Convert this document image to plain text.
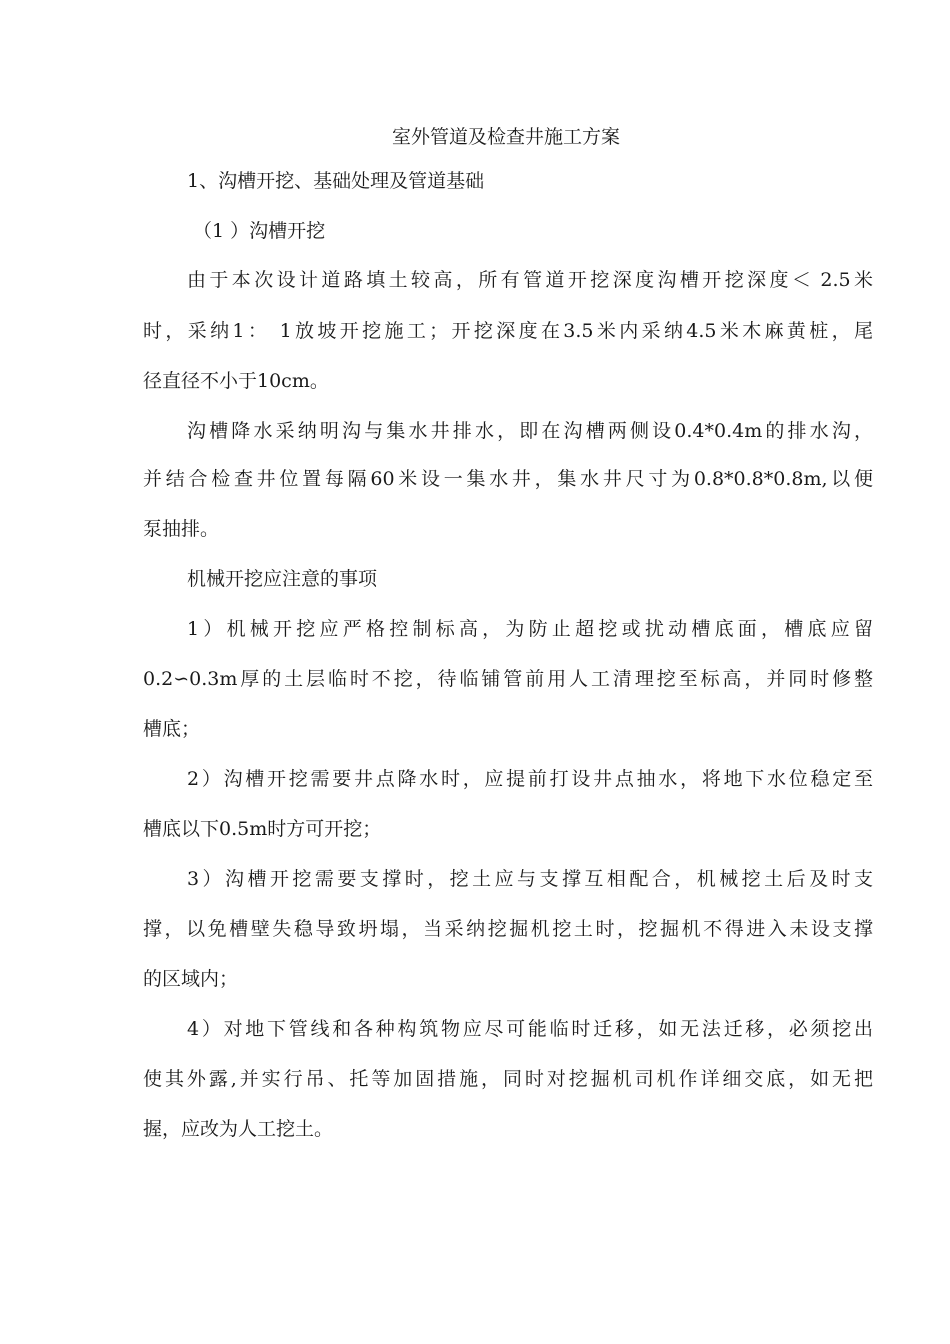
室外管道及检查井施工方案

1、沟槽开挖、基础处理及管道基础

（1 ）沟槽开挖

由于本次设计道路填土较高，所有管道开挖深度沟槽开挖深度＜ 2.5米

时，采纳1： 1放坡开挖施工；开挖深度在3.5米内采纳4.5米木麻黄桩，尾

径直径不小于10cm。

沟槽降水采纳明沟与集水井排水，即在沟槽两侧设0.4*0.4m的排水沟，

并结合检查井位置每隔60米设一集水井，集水井尺寸为0.8*0.8*0.8m,以便

泵抽排。

机械开挖应注意的事项

1）机械开挖应严格控制标高，为防止超挖或扰动槽底面，槽底应留

0.2∽0.3m厚的土层临时不挖，待临铺管前用人工清理挖至标高，并同时修整

槽底；

2）沟槽开挖需要井点降水时，应提前打设井点抽水，将地下水位稳定至

槽底以下0.5m时方可开挖；

3）沟槽开挖需要支撑时，挖土应与支撑互相配合，机械挖土后及时支

撑，以免槽壁失稳导致坍塌，当采纳挖掘机挖土时，挖掘机不得进入未设支撑

的区域内；

4）对地下管线和各种构筑物应尽可能临时迁移，如无法迁移，必须挖出

使其外露,并实行吊、托等加固措施，同时对挖掘机司机作详细交底，如无把

握，应改为人工挖土。
